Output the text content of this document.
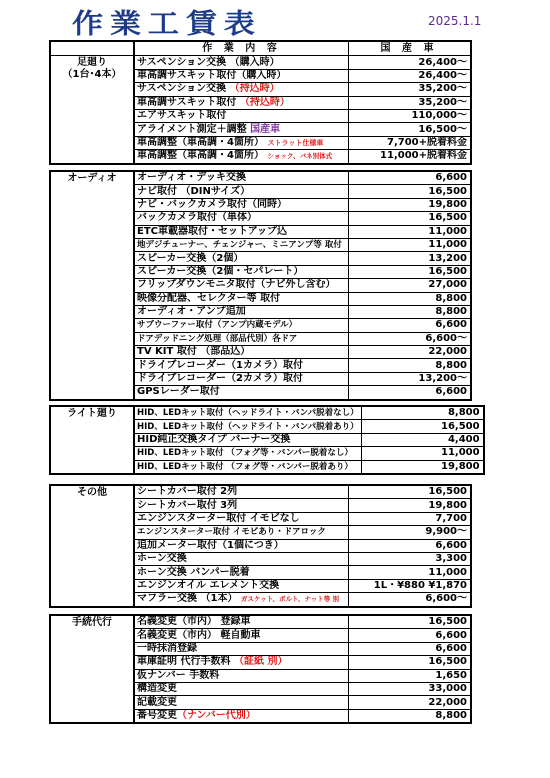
作業工賃表	2025.1.1
	作 業 内 容	国 産 車

足廻り
（1台･4本）	サスペンション交換 （購入時）	26,400～
	車高調サスキット取付（購入時）	26,400～
	サスペンション交換 （持込時）	35,200～
	車高調サスキット取付 （持込時）	35,200～
	エアサスキット取付	110,000～
	アライメント測定＋調整 国産車	16,500～
	車高調整（車高調・4箇所） ストラット仕様車	7,700+脱着料金
	車高調整（車高調・4箇所） ショック、バネ別体式	11,000+脱着料金
オーディオ	オーディオ・デッキ交換	6,600
	ナビ取付 （DINサイズ）	16,500
	ナビ・バックカメラ取付（同時）	19,800
	バックカメラ取付（単体）	16,500
	ETC車載器取付・セットアップ込	11,000
	地デジチューナー、チェンジャー、ミニアンプ等 取付	11,000
	スピーカー交換（2個）	13,200
	スピーカー交換（2個・セパレート）	16,500
	フリップダウンモニタ取付（ナビ外し含む）	27,000
	映像分配器、セレクター等 取付	8,800
	オーディオ・アンプ追加	8,800
	サブウーファー取付（アンプ内蔵モデル）	6,600
	ドアデッドニング処理（部品代別）各ドア	6,600～
	TV KIT 取付 （部品込）	22,000
	ドライブレコーダー（1カメラ）取付	8,800
	ドライブレコーダー（2カメラ）取付	13,200～
	GPSレーダー取付	6,600
ライト廻り	HID、LEDキット取付（ヘッドライト・バンパ脱着なし）	8,800
	HID、LEDキット取付（ヘッドライト・バンパ脱着あり）	16,500
	HID純正交換タイプ バーナー交換	4,400
	HID、LEDキット取付 （フォグ等・バンパー脱着なし）	11,000
	HID、LEDキット取付 （フォグ等・バンパー脱着あり）	19,800
その他	シートカバー取付 2列	16,500
	シートカバー取付 3列	19,800
	エンジンスターター取付 イモビなし	7,700
	エンジンスターター取付 イモビあり・ドアロック	9,900～
	追加メーター取付（1個につき）	6,600
	ホーン交換	3,300
	ホーン交換 バンパー脱着	11,000
	エンジンオイル エレメント交換	1L・¥880 ¥1,870
	マフラー交換 （1本） ガスケット、ボルト、ナット等 別	6,600～
手続代行	名義変更（市内） 登録車	16,500
	名義変更（市内） 軽自動車	6,600
	一時抹消登録	6,600
	車庫証明 代行手数料 （証紙 別）	16,500
	仮ナンバー 手数料	1,650
	構造変更	33,000
	記載変更	22,000
	番号変更（ナンバー代別）	8,800
